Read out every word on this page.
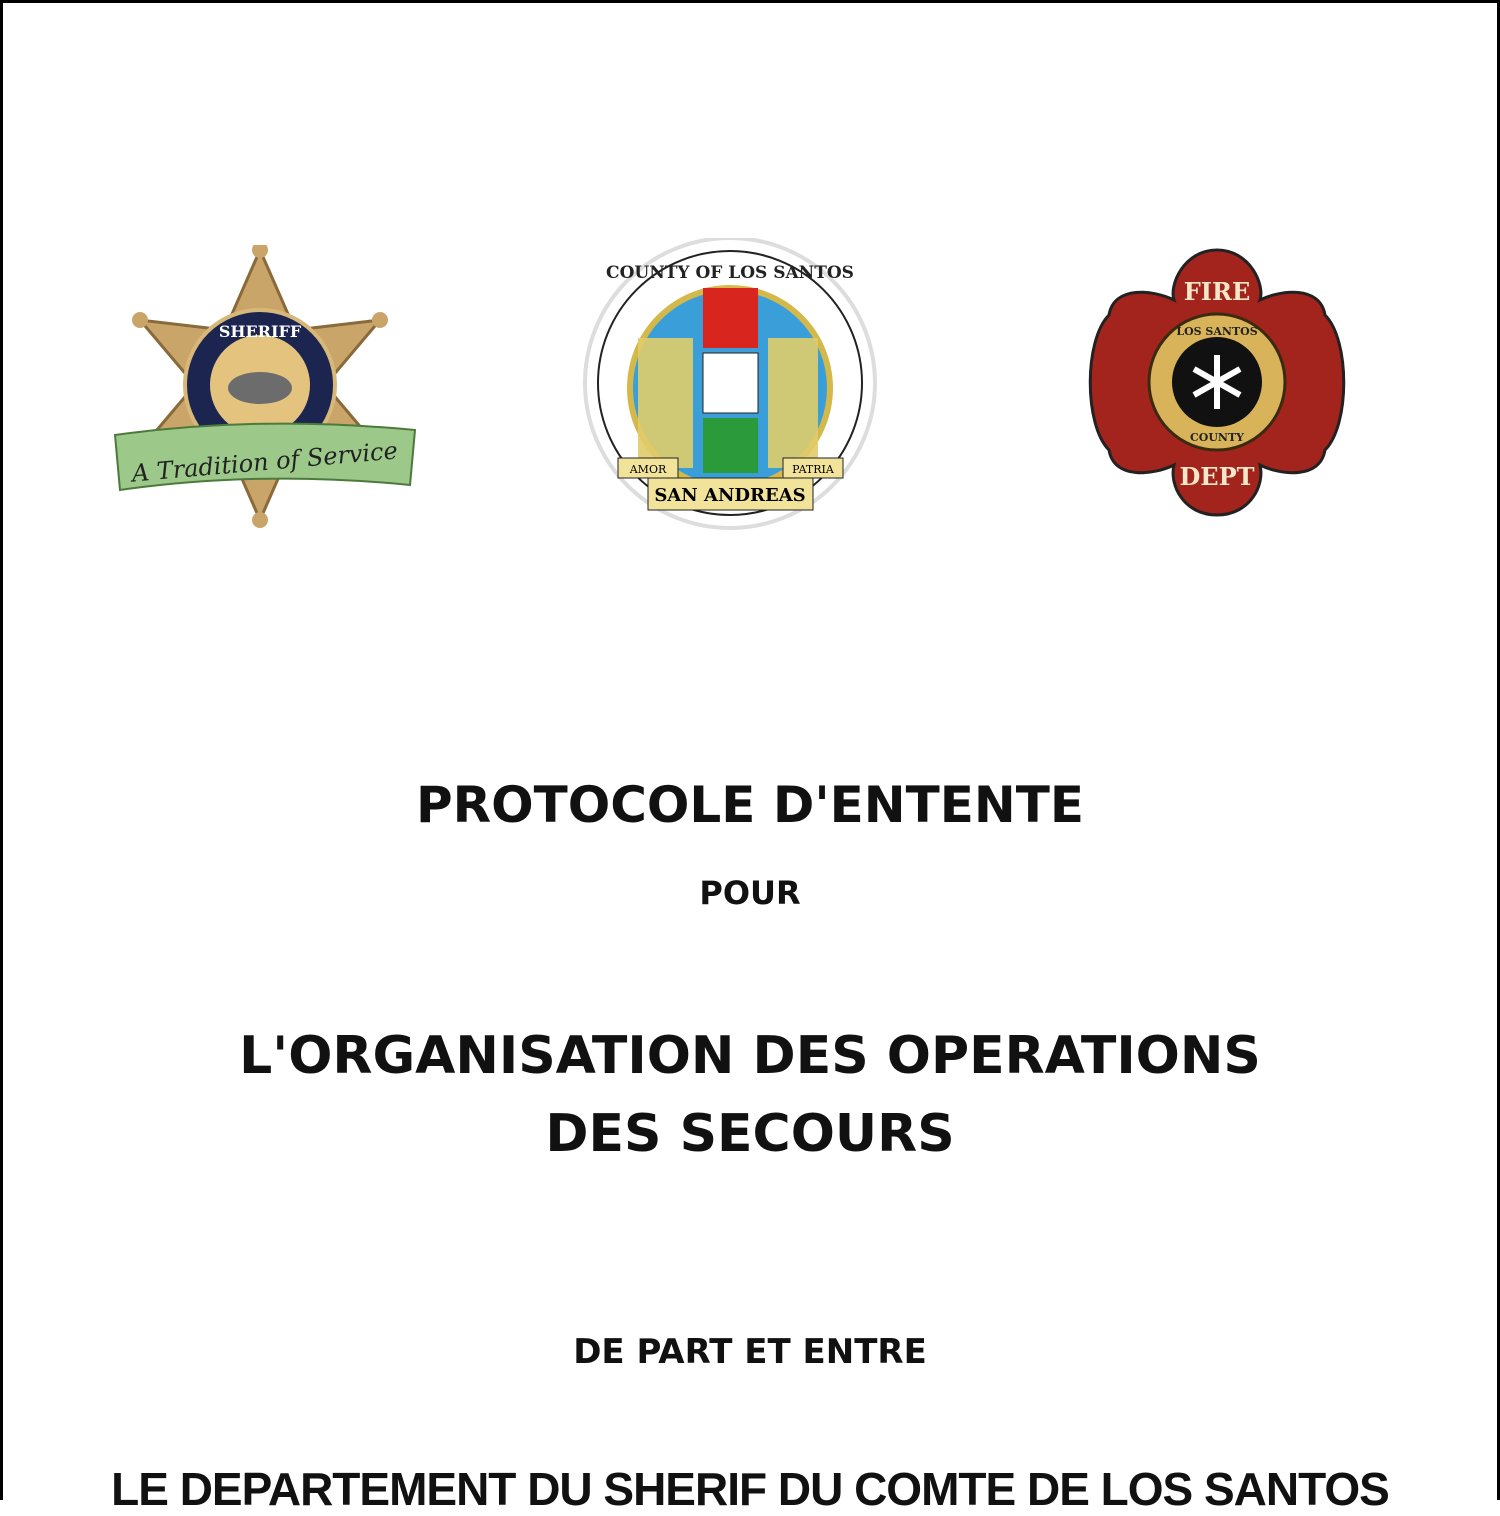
SHERIFF
A Tradition of Service
COUNTY OF LOS SANTOS
AMOR	PATRIA
SAN ANDREAS
FIRE
DEPT
LOS SANTOS
COUNTY
PROTOCOLE D'ENTENTE
POUR
L'ORGANISATION DES OPERATIONS
DES SECOURS
DE PART ET ENTRE
LE DEPARTEMENT DU SHERIF DU COMTE DE LOS SANTOS
